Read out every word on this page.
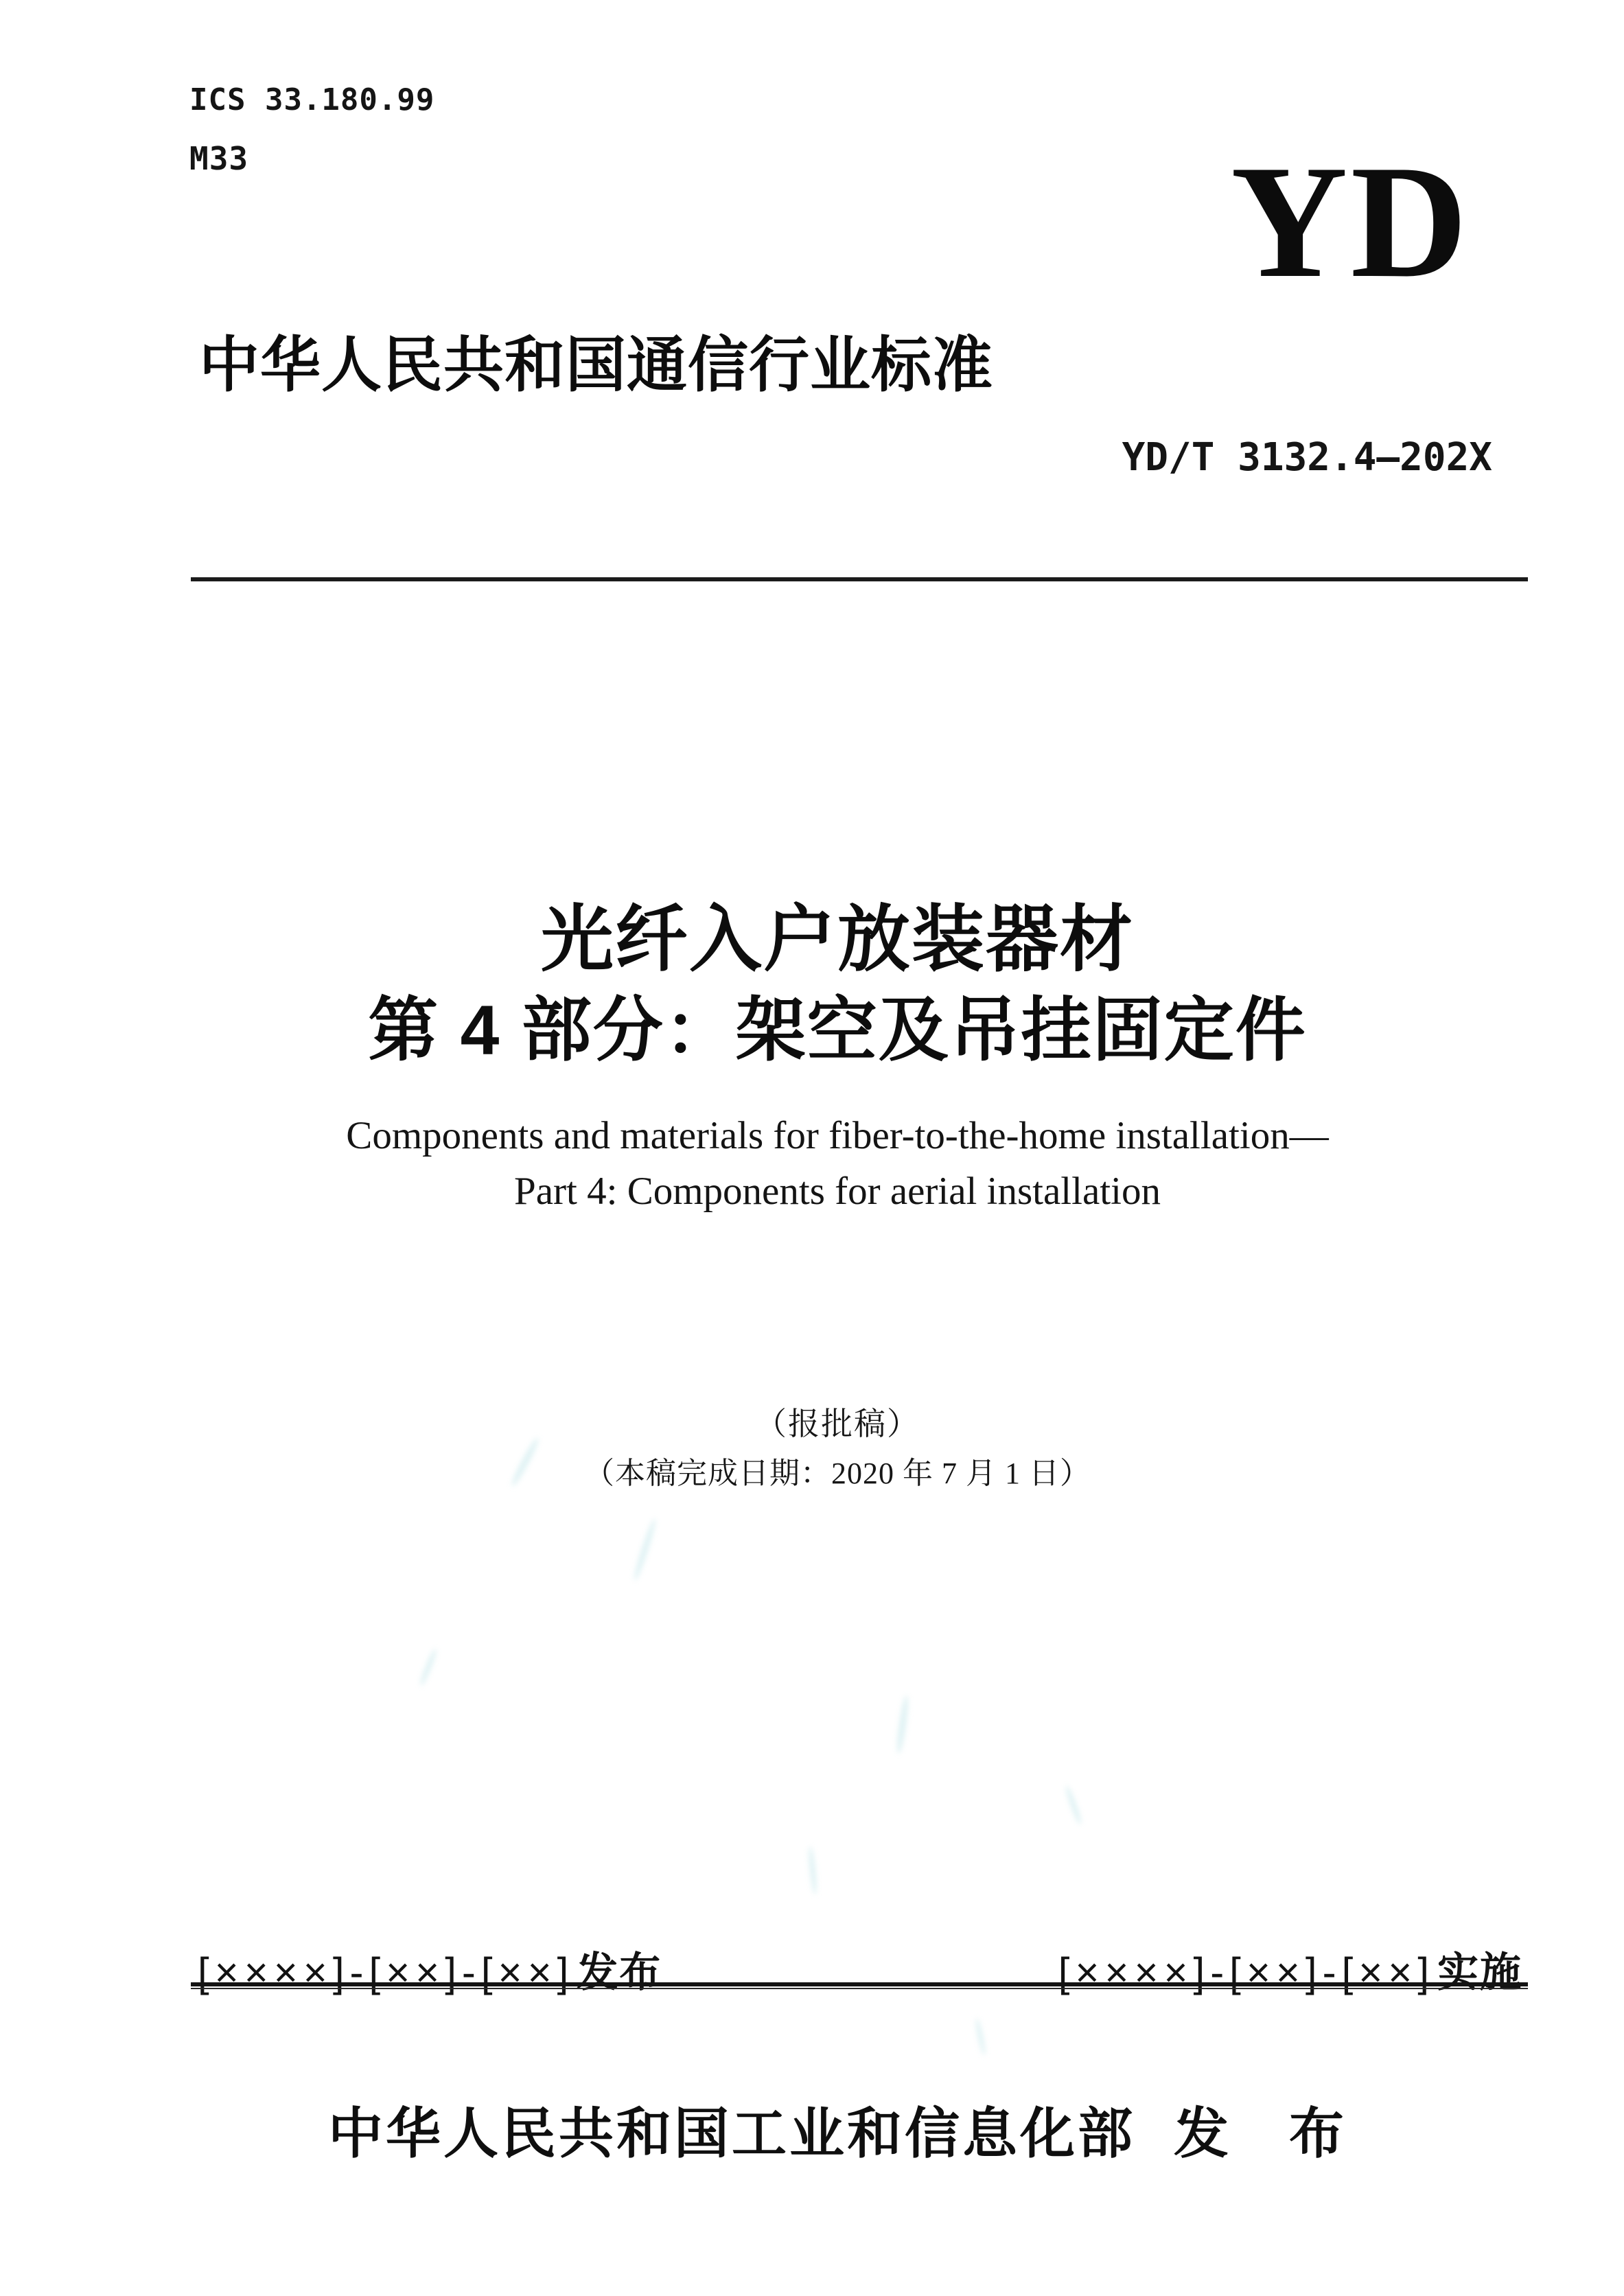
ICS 33.180.99
M33	YD
中华人民共和国通信行业标准
YD/T 3132.4—202X
光纤入户放装器材
第 4 部分：架空及吊挂固定件
Components and materials for fiber-to-the-home installation—
Part 4: Components for aerial installation
（报批稿）
（本稿完成日期：2020 年 7 月 1 日）
[××××]-[××]-[××]发布	[××××]-[××]-[××]实施
中华人民共和国工业和信息化部 发　布
